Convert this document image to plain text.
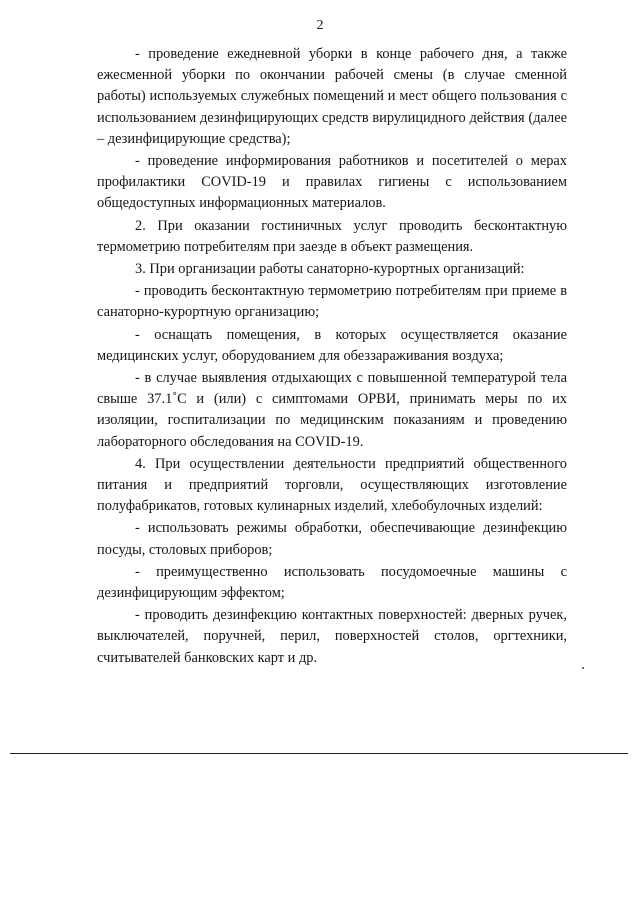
2

- проведение ежедневной уборки в конце рабочего дня, а также ежесменной уборки по окончании рабочей смены (в случае сменной работы) используемых служебных помещений и мест общего пользования с использованием дезинфицирующих средств вирулицидного действия (далее – дезинфицирующие средства);

- проведение информирования работников и посетителей о мерах профилактики COVID-19 и правилах гигиены с использованием общедоступных информационных материалов.

2. При оказании гостиничных услуг проводить бесконтактную термометрию потребителям при заезде в объект размещения.

3. При организации работы санаторно-курортных организаций:

- проводить бесконтактную термометрию потребителям при приеме в санаторно-курортную организацию;

- оснащать помещения, в которых осуществляется оказание медицинских услуг, оборудованием для обеззараживания воздуха;

- в случае выявления отдыхающих с повышенной температурой тела свыше 37.1˚С и (или) с симптомами ОРВИ, принимать меры по их изоляции, госпитализации по медицинским показаниям и проведению лабораторного обследования на COVID-19.

4. При осуществлении деятельности предприятий общественного питания и предприятий торговли, осуществляющих изготовление полуфабрикатов, готовых кулинарных изделий, хлебобулочных изделий:

- использовать режимы обработки, обеспечивающие дезинфекцию посуды, столовых приборов;

- преимущественно использовать посудомоечные машины с дезинфицирующим эффектом;

- проводить дезинфекцию контактных поверхностей: дверных ручек, выключателей, поручней, перил, поверхностей столов, оргтехники, считывателей банковских карт и др.
